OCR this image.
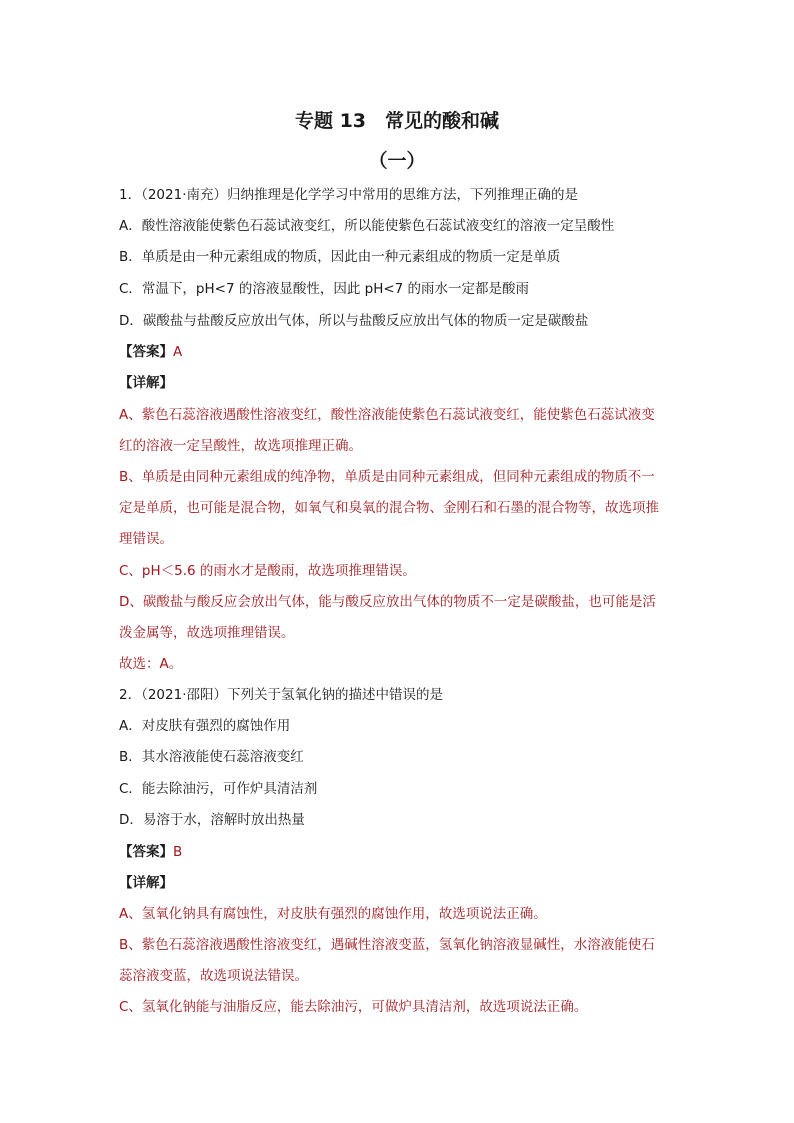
专题 13　常见的酸和碱
（一）
1．（2021·南充）归纳推理是化学学习中常用的思维方法，下列推理正确的是
A．酸性溶液能使紫色石蕊试液变红，所以能使紫色石蕊试液变红的溶液一定呈酸性
B．单质是由一种元素组成的物质，因此由一种元素组成的物质一定是单质
C．常温下，pH<7 的溶液显酸性，因此 pH<7 的雨水一定都是酸雨
D．碳酸盐与盐酸反应放出气体，所以与盐酸反应放出气体的物质一定是碳酸盐
【答案】A
【详解】
A、紫色石蕊溶液遇酸性溶液变红，酸性溶液能使紫色石蕊试液变红，能使紫色石蕊试液变
红的溶液一定呈酸性，故选项推理正确。
B、单质是由同种元素组成的纯净物，单质是由同种元素组成，但同种元素组成的物质不一
定是单质，也可能是混合物，如氧气和臭氧的混合物、金刚石和石墨的混合物等，故选项推
理错误。
C、pH＜5.6 的雨水才是酸雨，故选项推理错误。
D、碳酸盐与酸反应会放出气体，能与酸反应放出气体的物质不一定是碳酸盐，也可能是活
泼金属等，故选项推理错误。
故选：A。
2．（2021·邵阳）下列关于氢氧化钠的描述中错误的是
A．对皮肤有强烈的腐蚀作用
B．其水溶液能使石蕊溶液变红
C．能去除油污，可作炉具清洁剂
D．易溶于水，溶解时放出热量
【答案】B
【详解】
A、氢氧化钠具有腐蚀性，对皮肤有强烈的腐蚀作用，故选项说法正确。
B、紫色石蕊溶液遇酸性溶液变红，遇碱性溶液变蓝，氢氧化钠溶液显碱性，水溶液能使石
蕊溶液变蓝，故选项说法错误。
C、氢氧化钠能与油脂反应，能去除油污，可做炉具清洁剂，故选项说法正确。
